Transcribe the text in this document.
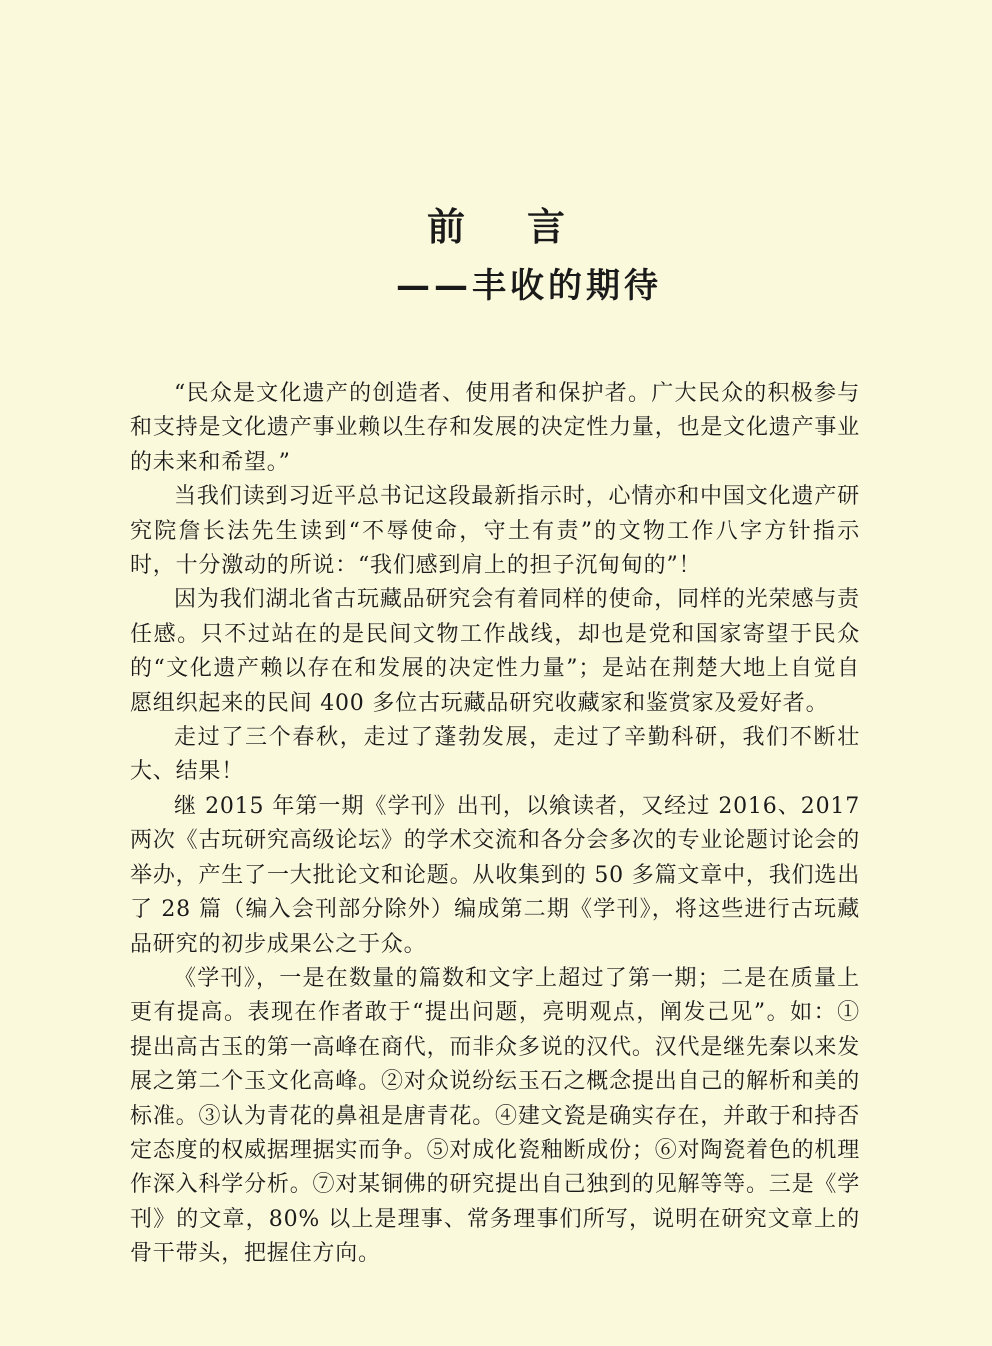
前言
——丰收的期待

“民众是文化遗产的创造者、使用者和保护者。广大民众的积极参与和支持是文化遗产事业赖以生存和发展的决定性力量，也是文化遗产事业的未来和希望。”

当我们读到习近平总书记这段最新指示时，心情亦和中国文化遗产研究院詹长法先生读到“不辱使命，守土有责”的文物工作八字方针指示时，十分激动的所说：“我们感到肩上的担子沉甸甸的”！

因为我们湖北省古玩藏品研究会有着同样的使命，同样的光荣感与责任感。只不过站在的是民间文物工作战线，却也是党和国家寄望于民众的“文化遗产赖以存在和发展的决定性力量”；是站在荆楚大地上自觉自愿组织起来的民间 400 多位古玩藏品研究收藏家和鉴赏家及爱好者。

走过了三个春秋，走过了蓬勃发展，走过了辛勤科研，我们不断壮大、结果！

继 2015 年第一期《学刊》出刊，以飨读者，又经过 2016、2017 两次《古玩研究高级论坛》的学术交流和各分会多次的专业论题讨论会的举办，产生了一大批论文和论题。从收集到的 50 多篇文章中，我们选出了 28 篇（编入会刊部分除外）编成第二期《学刊》，将这些进行古玩藏品研究的初步成果公之于众。

《学刊》，一是在数量的篇数和文字上超过了第一期；二是在质量上更有提高。表现在作者敢于“提出问题，亮明观点，阐发己见”。如：①提出高古玉的第一高峰在商代，而非众多说的汉代。汉代是继先秦以来发展之第二个玉文化高峰。②对众说纷纭玉石之概念提出自己的解析和美的标准。③认为青花的鼻祖是唐青花。④建文瓷是确实存在，并敢于和持否定态度的权威据理据实而争。⑤对成化瓷釉断成份；⑥对陶瓷着色的机理作深入科学分析。⑦对某铜佛的研究提出自己独到的见解等等。三是《学刊》的文章，80% 以上是理事、常务理事们所写，说明在研究文章上的骨干带头，把握住方向。
